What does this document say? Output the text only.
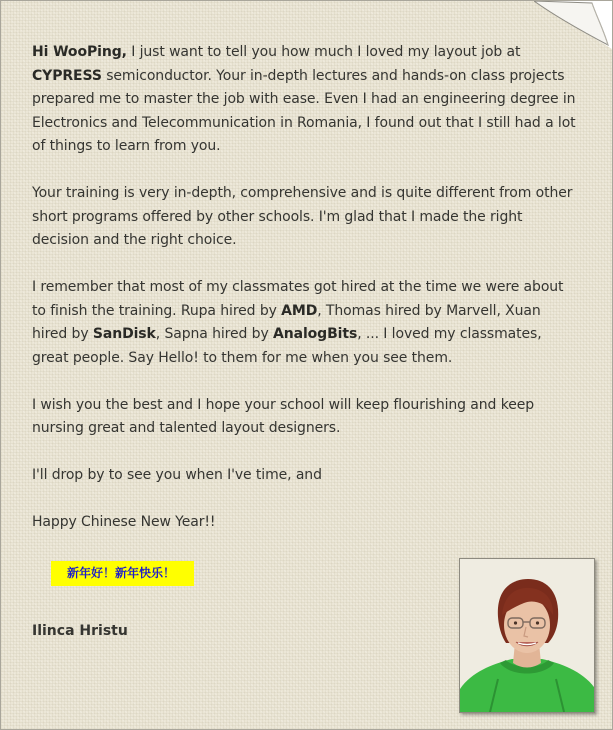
Hi WooPing, I just want to tell you how much I loved my layout job at CYPRESS semiconductor. Your in-depth lectures and hands-on class projects prepared me to master the job with ease. Even I had an engineering degree in Electronics and Telecommunication in Romania, I found out that I still had a lot of things to learn from you.

Your training is very in-depth, comprehensive and is quite different from other short programs offered by other schools. I'm glad that I made the right decision and the right choice.

I remember that most of my classmates got hired at the time we were about to finish the training. Rupa hired by AMD, Thomas hired by Marvell, Xuan hired by SanDisk, Sapna hired by AnalogBits, ... I loved my classmates, great people. Say Hello! to them for me when you see them.

I wish you the best and I hope your school will keep flourishing and keep nursing great and talented layout designers.

I'll drop by to see you when I've time, and

Happy Chinese New Year!!

新年好！新年快乐！
Ilinca Hristu
